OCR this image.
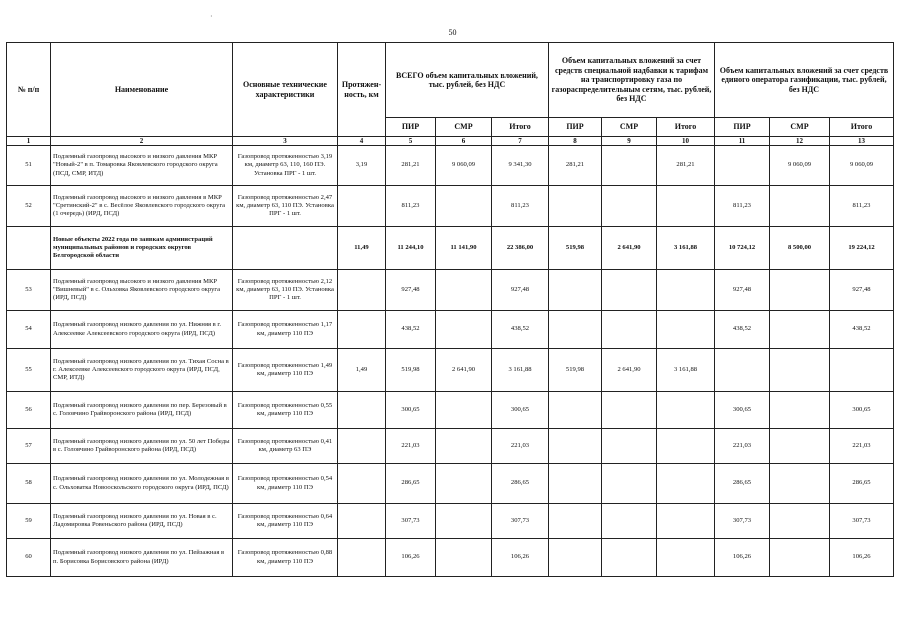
50
№ п/п	Наименование	Основные технические характеристики	Протяжен- ность, км	ВСЕГО объем капитальных вложений, тыс. рублей, без НДС			Объем капитальных вложений за счет средств специальной надбавки к тарифам на транспортировку газа по газораспределительным сетям, тыс. рублей, без НДС			Объем капитальных вложений за счет средств единого оператора газификации, тыс. рублей, без НДС		
				ПИР	СМР	Итого	ПИР	СМР	Итого	ПИР	СМР	Итого
1	2	3	4	5	6	7	8	9	10	11	12	13
51	Подземный газопровод высокого и низкого давления МКР "Новый-2" в п. Томаровка Яковлевского городского округа (ПСД, СМР, ИТД)	Газопровод протяженностью 3,19 км, диаметр 63, 110, 160 ПЭ. Установка ПРГ - 1 шт.	3,19	281,21	9 060,09	9 341,30	281,21		281,21		9 060,09	9 060,09
52	Подземный газопровод высокого и низкого давления в МКР "Сретинский-2" в с. Весёлое Яковлевского городского округа (1 очередь) (ИРД, ПСД)	Газопровод протяженностью 2,47 км, диаметр 63, 110 ПЭ. Установка ПРГ - 1 шт.		811,23		811,23				811,23		811,23
	Новые объекты 2022 года по заявкам администраций муниципальных районов и городских округов Белгородской области		11,49	11 244,10	11 141,90	22 386,00	519,98	2 641,90	3 161,88	10 724,12	8 500,00	19 224,12
53	Подземный газопровод высокого и низкого давления МКР "Вишневый" в с. Ольховка Яковлевского городского округа (ИРД, ПСД)	Газопровод протяженностью 2,12 км, диаметр 63, 110 ПЭ. Установка ПРГ - 1 шт.		927,48		927,48				927,48		927,48
54	Подземный газопровод низкого давления по ул. Нижняя в г. Алексеевке Алексеевского городского округа (ИРД, ПСД)	Газопровод протяженностью 1,17 км, диаметр 110 ПЭ		438,52		438,52				438,52		438,52
55	Подземный газопровод низкого давления по ул. Тихая Сосна в г. Алексеевке Алексеевского городского округа (ИРД, ПСД, СМР, ИТД)	Газопровод протяженностью 1,49 км, диаметр 110 ПЭ	1,49	519,98	2 641,90	3 161,88	519,98	2 641,90	3 161,88			
56	Подземный газопровод низкого давления по пер. Березовый в с. Головчино Грайворонского района (ИРД, ПСД)	Газопровод протяженностью 0,55 км, диаметр 110 ПЭ		300,65		300,65				300,65		300,65
57	Подземный газопровод низкого давления по ул. 50 лет Победы в с. Головчино Грайворонского района (ИРД, ПСД)	Газопровод протяженностью 0,41 км, диаметр 63 ПЭ		221,03		221,03				221,03		221,03
58	Подземный газопровод низкого давления по ул. Молодежная в с. Ольховатка Новооскольского городского округа (ИРД, ПСД)	Газопровод протяженностью 0,54 км, диаметр 110 ПЭ		286,65		286,65				286,65		286,65
59	Подземный газопровод низкого давления по ул. Новая в с. Ладомировка Ровеньского района (ИРД, ПСД)	Газопровод протяженностью 0,64 км, диаметр 110 ПЭ		307,73		307,73				307,73		307,73
60	Подземный газопровод низкого давления по ул. Пейзажная в п. Борисовка Борисовского района (ИРД)	Газопровод протяженностью 0,88 км, диаметр 110 ПЭ		106,26		106,26				106,26		106,26
·
